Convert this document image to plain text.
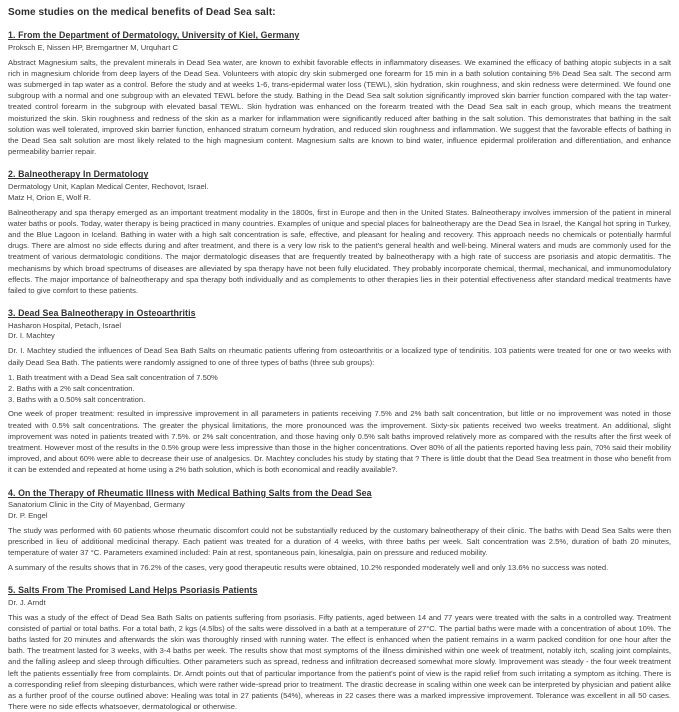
Some studies on the medical benefits of Dead Sea salt:
1. From the Department of Dermatology, University of Kiel, Germany

Proksch E, Nissen HP, Bremgartner M, Urquhart C

Abstract Magnesium salts, the prevalent minerals in Dead Sea water, are known to exhibit favorable effects in inflammatory diseases. We examined the efficacy of bathing atopic subjects in a salt rich in magnesium chloride from deep layers of the Dead Sea. Volunteers with atopic dry skin submerged one forearm for 15 min in a bath solution containing 5% Dead Sea salt. The second arm was submerged in tap water as a control. Before the study and at weeks 1-6, trans-epidermal water loss (TEWL), skin hydration, skin roughness, and skin redness were determined. We found one subgroup with a normal and one subgroup with an elevated TEWL before the study. Bathing in the Dead Sea salt solution significantly improved skin barrier function compared with the tap water-treated control forearm in the subgroup with elevated basal TEWL. Skin hydration was enhanced on the forearm treated with the Dead Sea salt in each group, which means the treatment moisturized the skin. Skin roughness and redness of the skin as a marker for inflammation were significantly reduced after bathing in the salt solution. This demonstrates that bathing in the salt solution was well tolerated, improved skin barrier function, enhanced stratum corneum hydration, and reduced skin roughness and inflammation. We suggest that the favorable effects of bathing in the Dead Sea salt solution are most likely related to the high magnesium content. Magnesium salts are known to bind water, influence epidermal proliferation and differentiation, and enhance permeability barrier repair.

2. Balneotherapy In Dermatology

Dermatology Unit, Kaplan Medical Center, Rechovot, Israel.

Matz H, Orion E, Wolf R.

Balneotherapy and spa therapy emerged as an important treatment modality in the 1800s, first in Europe and then in the United States. Balneotherapy involves immersion of the patient in mineral water baths or pools. Today, water therapy is being practiced in many countries. Examples of unique and special places for balneotherapy are the Dead Sea in Israel, the Kangal hot spring in Turkey, and the Blue Lagoon in Iceland. Bathing in water with a high salt concentration is safe, effective, and pleasant for healing and recovery. This approach needs no chemicals or potentially harmful drugs. There are almost no side effects during and after treatment, and there is a very low risk to the patient's general health and well-being. Mineral waters and muds are commonly used for the treatment of various dermatologic conditions. The major dermatologic diseases that are frequently treated by balneotherapy with a high rate of success are psoriasis and atopic dermatitis. The mechanisms by which broad spectrums of diseases are alleviated by spa therapy have not been fully elucidated. They probably incorporate chemical, thermal, mechanical, and immunomodulatory effects. The major importance of balneotherapy and spa therapy both individually and as complements to other therapies lies in their potential effectiveness after standard medical treatments have failed to give comfort to these patients.

3. Dead Sea Balneotherapy in Osteoarthritis

Hasharon Hospital, Petach, Israel

Dr. I. Machtey

Dr. I. Machtey studied the influences of Dead Sea Bath Salts on rheumatic patients uffering from osteoarthritis or a localized type of tendinitis. 103 patients were treated for one or two weeks with daily Dead Sea Bath. The patients were randomly assigned to one of three types of baths (three sub groups):

1. Bath treatment with a Dead Sea salt concentration of 7.50%
2. Baths with a 2% salt concentration.
3. Baths with a 0.50% salt concentration.

One week of proper treatment: resulted in impressive improvement in all parameters in patients receiving 7.5% and 2% bath salt concentration, but little or no improvement was noted in those treated with 0.5% salt concentrations. The greater the physical limitations, the more pronounced was the improvement. Sixty-six patients received two weeks treatment. An additional, slight improvement was noted in patients treated with 7.5%. or 2% salt concentration, and those having only 0.5% salt baths improved relatively more as compared with the results after the first week of treatment. However most of the results in the 0.5% group were less impressive than those in the higher concentrations. Over 80% of all the patients reported having less pain, 70% said their mobility improved, and about 60% were able to decrease their use of analgesics. Dr. Machtey concludes his study by stating that ? There is little doubt that the Dead Sea treatment in those who benefit from it can be extended and repeated at home using a 2% bath solution, which is both economical and readily available?.

4. On the Therapy of Rheumatic Illness with Medical Bathing Salts from the Dead Sea

Sanatorium Clinic in the City of Mayenbad, Germany

Dr. P. Engel

The study was performed with 60 patients whose rheumatic discomfort could not be substantially reduced by the customary balneotherapy of their clinic. The baths with Dead Sea Salts were then prescribed in lieu of additional medicinal therapy. Each patient was treated for a duration of 4 weeks, with three baths per week. Salt concentration was 2.5%, duration of bath 20 minutes, temperature of water 37 °C. Parameters examined included: Pain at rest, spontaneous pain, kinesalgia, pain on pressure and reduced mobility.

A summary of the results shows that in 76.2% of the cases, very good therapeutic results were obtained, 10.2% responded moderately well and only 13.6% no success was noted.

5. Salts From The Promised Land Helps Psoriasis Patients

Dr. J. Arndt

This was a study of the effect of Dead Sea Bath Salts on patients suffering from psoriasis. Fifty patients, aged between 14 and 77 years were treated with the salts in a controlled way. Treatment consisted of partial or total baths. For a total bath, 2 kgs (4.5lbs) of the salts were dissolved in a bath at a temperature of 27°C. The partial baths were made with a concentration of about 10%. The baths lasted for 20 minutes and afterwards the skin was thoroughly rinsed with running water. The effect is enhanced when the patient remains in a warm packed condition for one hour after the bath. The treatment lasted for 3 weeks, with 3-4 baths per week. The results show that most symptoms of the illness diminished within one week of treatment, notably itch, scaling joint complaints, and the falling asleep and sleep through difficulties. Other parameters such as spread, redness and infiltration decreased somewhat more slowly. Improvement was steady - the four week treatment left the patients essentially free from complaints. Dr. Arndt points out that of particular importance from the patient's point of view is the rapid relief from such irritating a symptom as itching. There is a corresponding relief from sleeping disturbances, which were rather wide-spread prior to treatment. The drastic decrease in scaling within one week can be interpreted by physician and patient alike as a further proof of the course outlined above: Healing was total in 27 patients (54%), whereas in 22 cases there was a marked impressive improvement. Tolerance was excellent in all 50 cases. There were no side effects whatsoever, dermatological or otherwise.
